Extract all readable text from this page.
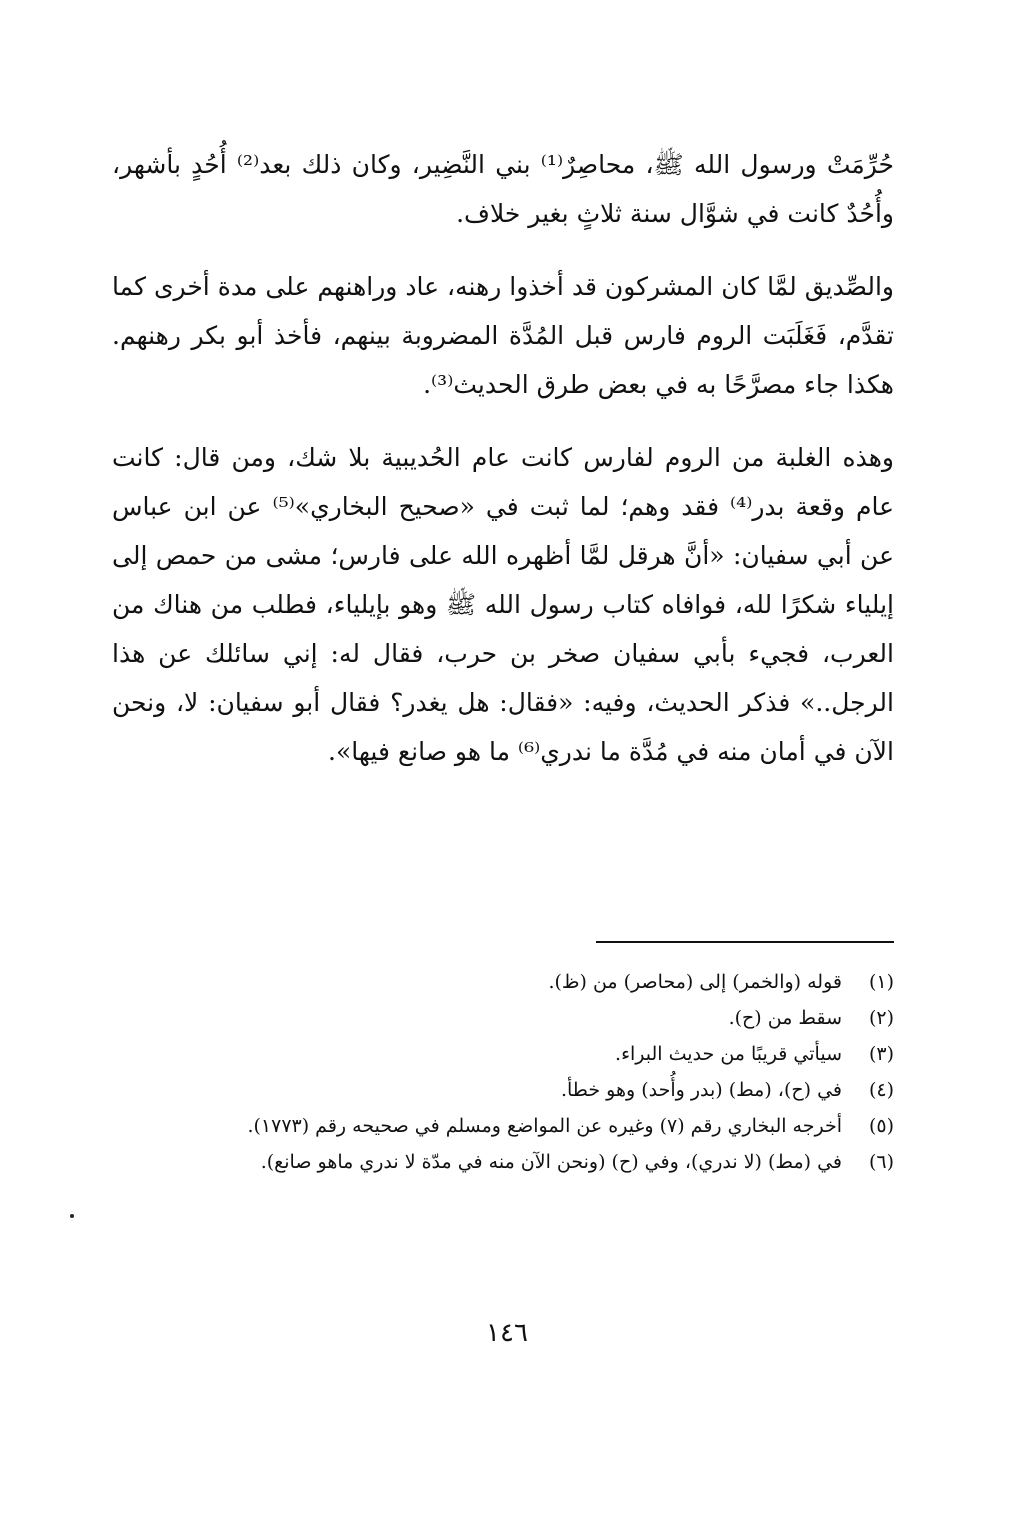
حُرِّمَتْ ورسول الله ﷺ، محاصِرٌ⁽¹⁾ بني النَّضِير، وكان ذلك بعد⁽²⁾ أُحُدٍ بأشهر، وأُحُدٌ كانت في شوَّال سنة ثلاثٍ بغير خلاف.

والصِّديق لمَّا كان المشركون قد أخذوا رهنه، عاد وراهنهم على مدة أخرى كما تقدَّم، فَغَلَبَت الروم فارس قبل المُدَّة المضروبة بينهم، فأخذ أبو بكر رهنهم. هكذا جاء مصرَّحًا به في بعض طرق الحديث⁽³⁾.

وهذه الغلبة من الروم لفارس كانت عام الحُديبية بلا شك، ومن قال: كانت عام وقعة بدر⁽⁴⁾ فقد وهم؛ لما ثبت في «صحيح البخاري»⁽⁵⁾ عن ابن عباس عن أبي سفيان: «أنَّ هرقل لمَّا أظهره الله على فارس؛ مشى من حمص إلى إيلياء شكرًا لله، فوافاه كتاب رسول الله ﷺ وهو بإيلياء، فطلب من هناك من العرب، فجيء بأبي سفيان صخر بن حرب، فقال له: إني سائلك عن هذا الرجل..» فذكر الحديث، وفيه: «فقال: هل يغدر؟ فقال أبو سفيان: لا، ونحن الآن في أمان منه في مُدَّة ما ندري⁽⁶⁾ ما هو صانع فيها».

(١)
قوله (والخمر) إلى (محاصر) من (ظ).
(٢)
سقط من (ح).
(٣)
سيأتي قريبًا من حديث البراء.
(٤)
في (ح)، (مط) (بدر وأُحد) وهو خطأ.
(٥)
أخرجه البخاري رقم (٧) وغيره عن المواضع ومسلم في صحيحه رقم (١٧٧٣).
(٦)
في (مط) (لا ندري)، وفي (ح) (ونحن الآن منه في مدّة لا ندري ماهو صانع).
١٤٦
